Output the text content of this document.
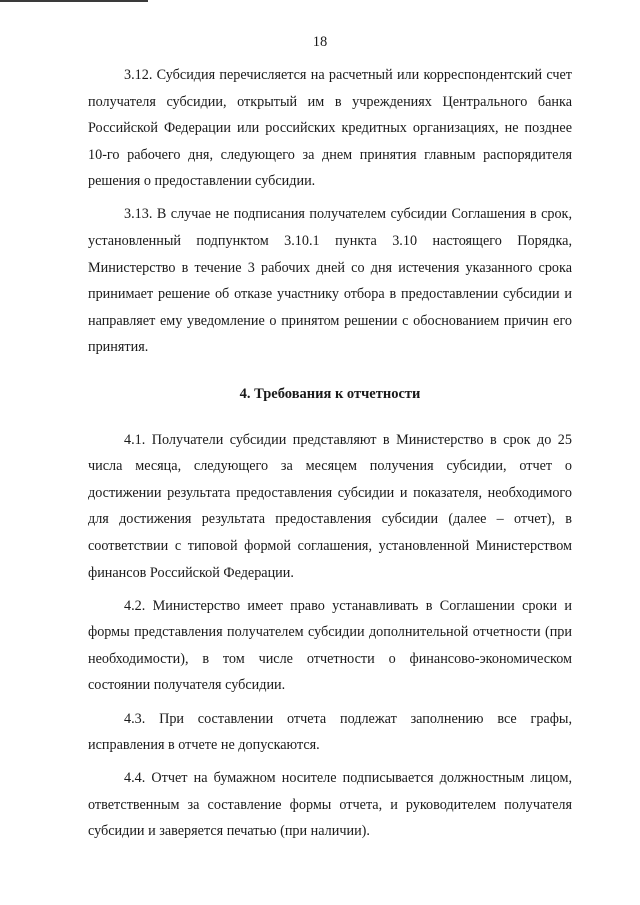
18

3.12. Субсидия перечисляется на расчетный или корреспондентский счет получателя субсидии, открытый им в учреждениях Центрального банка Российской Федерации или российских кредитных организациях, не позднее 10-го рабочего дня, следующего за днем принятия главным распорядителя решения о предоставлении субсидии.

3.13. В случае не подписания получателем субсидии Соглашения в срок, установленный подпунктом 3.10.1 пункта 3.10 настоящего Порядка, Министерство в течение 3 рабочих дней со дня истечения указанного срока принимает решение об отказе участнику отбора в предоставлении субсидии и направляет ему уведомление о принятом решении с обоснованием причин его принятия.

4. Требования к отчетности

4.1. Получатели субсидии представляют в Министерство в срок до 25 числа месяца, следующего за месяцем получения субсидии, отчет о достижении результата предоставления субсидии и показателя, необходимого для достижения результата предоставления субсидии (далее – отчет), в соответствии с типовой формой соглашения, установленной Министерством финансов Российской Федерации.

4.2. Министерство имеет право устанавливать в Соглашении сроки и формы представления получателем субсидии дополнительной отчетности (при необходимости), в том числе отчетности о финансово-экономическом состоянии получателя субсидии.

4.3. При составлении отчета подлежат заполнению все графы, исправления в отчете не допускаются.

4.4. Отчет на бумажном носителе подписывается должностным лицом, ответственным за составление формы отчета, и руководителем получателя субсидии и заверяется печатью (при наличии).
